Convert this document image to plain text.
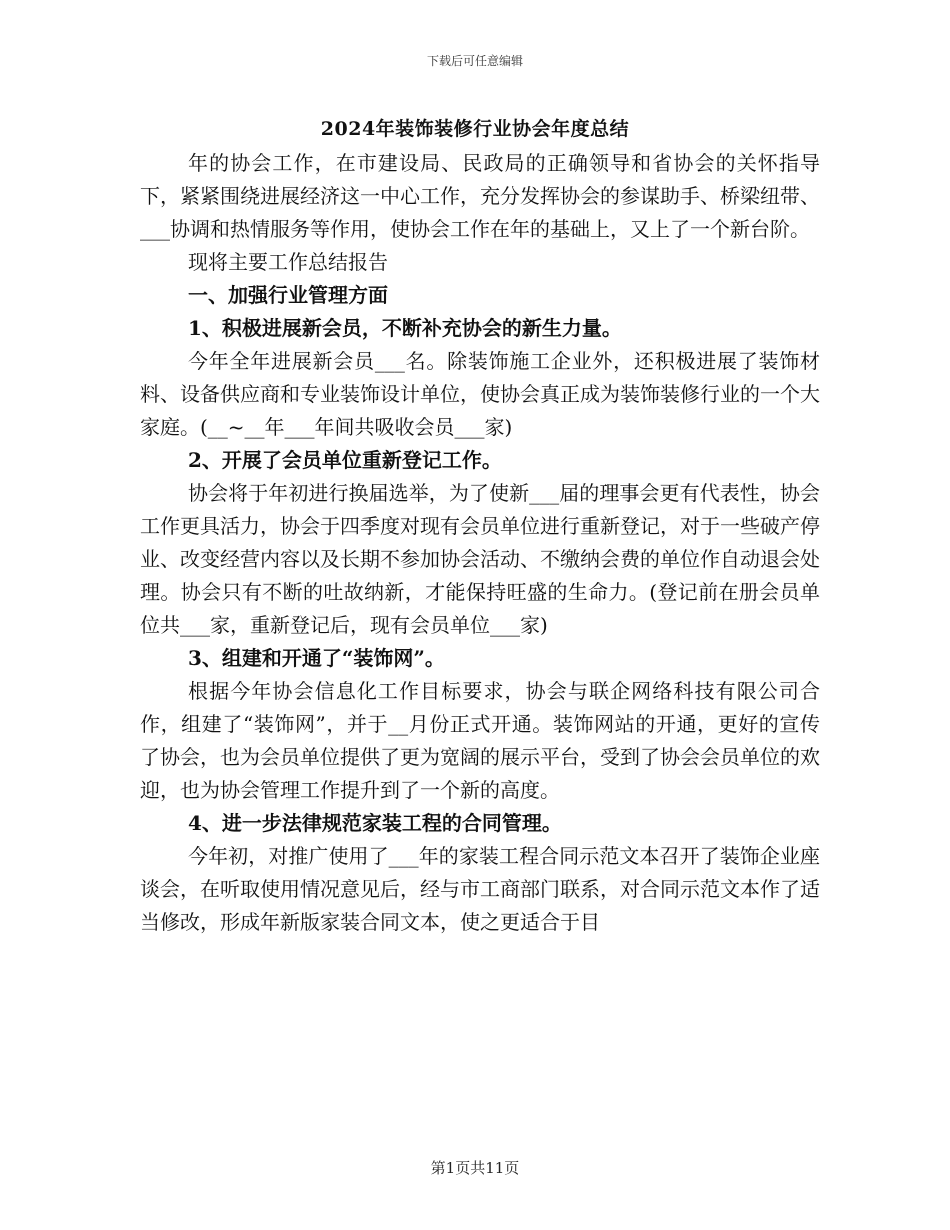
下载后可任意编辑
2024年装饰装修行业协会年度总结

年的协会工作，在市建设局、民政局的正确领导和省协会的关怀指导下，紧紧围绕进展经济这一中心工作，充分发挥协会的参谋助手、桥梁纽带、___协调和热情服务等作用，使协会工作在年的基础上，又上了一个新台阶。

现将主要工作总结报告

一、加强行业管理方面

1、积极进展新会员，不断补充协会的新生力量。

今年全年进展新会员___名。除装饰施工企业外，还积极进展了装饰材料、设备供应商和专业装饰设计单位，使协会真正成为装饰装修行业的一个大家庭。(__~__年___年间共吸收会员___家)

2、开展了会员单位重新登记工作。

协会将于年初进行换届选举，为了使新___届的理事会更有代表性，协会工作更具活力，协会于四季度对现有会员单位进行重新登记，对于一些破产停业、改变经营内容以及长期不参加协会活动、不缴纳会费的单位作自动退会处理。协会只有不断的吐故纳新，才能保持旺盛的生命力。(登记前在册会员单位共___家，重新登记后，现有会员单位___家)

3、组建和开通了“装饰网”。

根据今年协会信息化工作目标要求，协会与联企网络科技有限公司合作，组建了“装饰网”，并于__月份正式开通。装饰网站的开通，更好的宣传了协会，也为会员单位提供了更为宽阔的展示平台，受到了协会会员单位的欢迎，也为协会管理工作提升到了一个新的高度。

4、进一步法律规范家装工程的合同管理。

今年初，对推广使用了___年的家装工程合同示范文本召开了装饰企业座谈会，在听取使用情况意见后，经与市工商部门联系，对合同示范文本作了适当修改，形成年新版家装合同文本，使之更适合于目

第1页共11页
